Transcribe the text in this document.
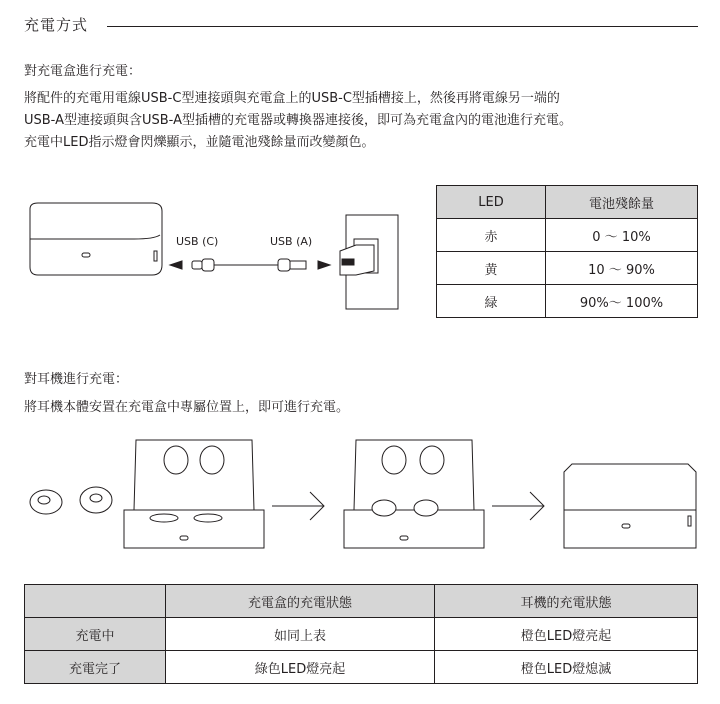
充電方式
對充電盒進行充電：
將配件的充電用電線USB-C型連接頭與充電盒上的USB-C型插槽接上，然後再將電線另一端的
USB-A型連接頭與含USB-A型插槽的充電器或轉換器連接後，即可為充電盒內的電池進行充電。
充電中LED指示燈會閃爍顯示，並隨電池殘餘量而改變顏色。
USB (C)	USB (A)
LED	電池殘餘量
赤	0 ～ 10%
黄	10 ～ 90%
緑	90%～ 100%
對耳機進行充電：
將耳機本體安置在充電盒中專屬位置上，即可進行充電。
	充電盒的充電狀態	耳機的充電狀態
充電中	如同上表	橙色LED燈亮起
充電完了	綠色LED燈亮起	橙色LED燈熄滅
